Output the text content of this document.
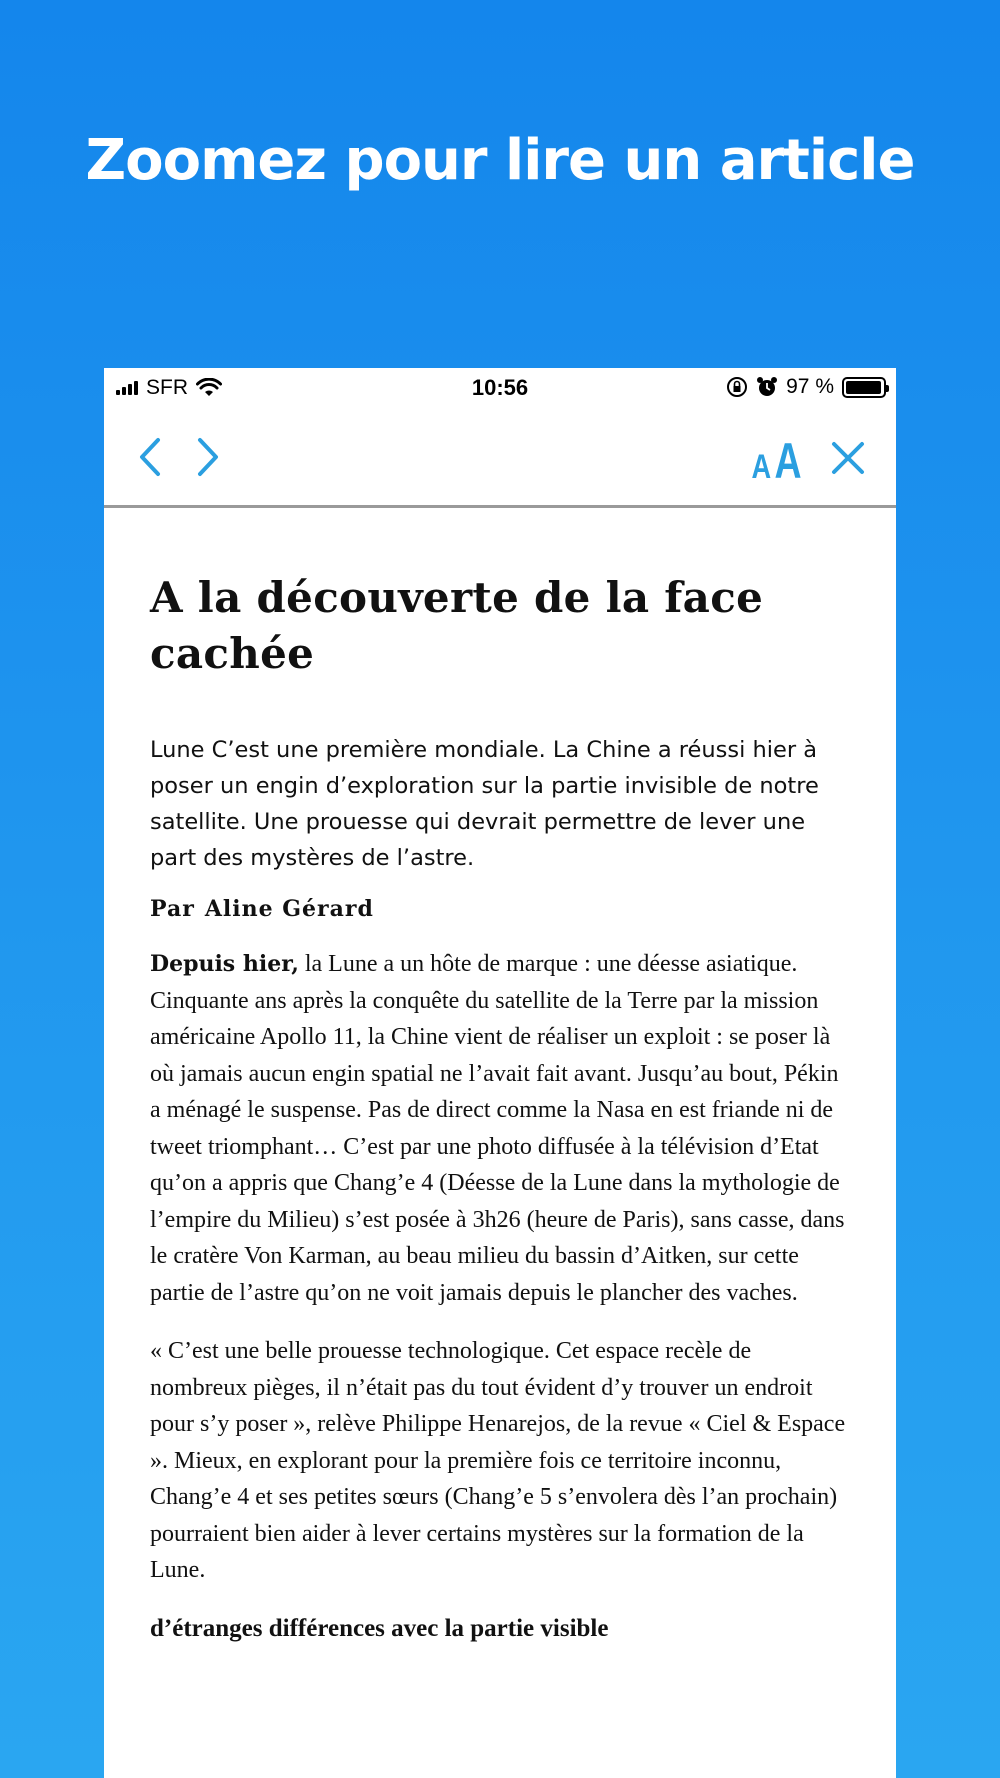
Zoomez pour lire un article
SFR	10:56	97 %
A A
A la découverte de la face cachée

Lune C’est une première mondiale. La Chine a réussi hier à poser un engin d’exploration sur la partie invisible de notre satellite. Une prouesse qui devrait permettre de lever une part des mystères de l’astre.

Par Aline Gérard

Depuis hier, la Lune a un hôte de marque : une déesse asiatique. Cinquante ans après la conquête du satellite de la Terre par la mission américaine Apollo 11, la Chine vient de réaliser un exploit : se poser là où jamais aucun engin spatial ne l’avait fait avant. Jusqu’au bout, Pékin a ménagé le suspense. Pas de direct comme la Nasa en est friande ni de tweet triomphant… C’est par une photo diffusée à la télévision d’Etat qu’on a appris que Chang’e 4 (Déesse de la Lune dans la mythologie de l’empire du Milieu) s’est posée à 3h26 (heure de Paris), sans casse, dans le cratère Von Karman, au beau milieu du bassin d’Aitken, sur cette partie de l’astre qu’on ne voit jamais depuis le plancher des vaches.

« C’est une belle prouesse technologique. Cet espace recèle de nombreux pièges, il n’était pas du tout évident d’y trouver un endroit pour s’y poser », relève Philippe Henarejos, de la revue « Ciel & Espace ». Mieux, en explorant pour la première fois ce territoire inconnu, Chang’e 4 et ses petites sœurs (Chang’e 5 s’envolera dès l’an prochain) pourraient bien aider à lever certains mystères sur la formation de la Lune.

d’étranges différences avec la partie visible
